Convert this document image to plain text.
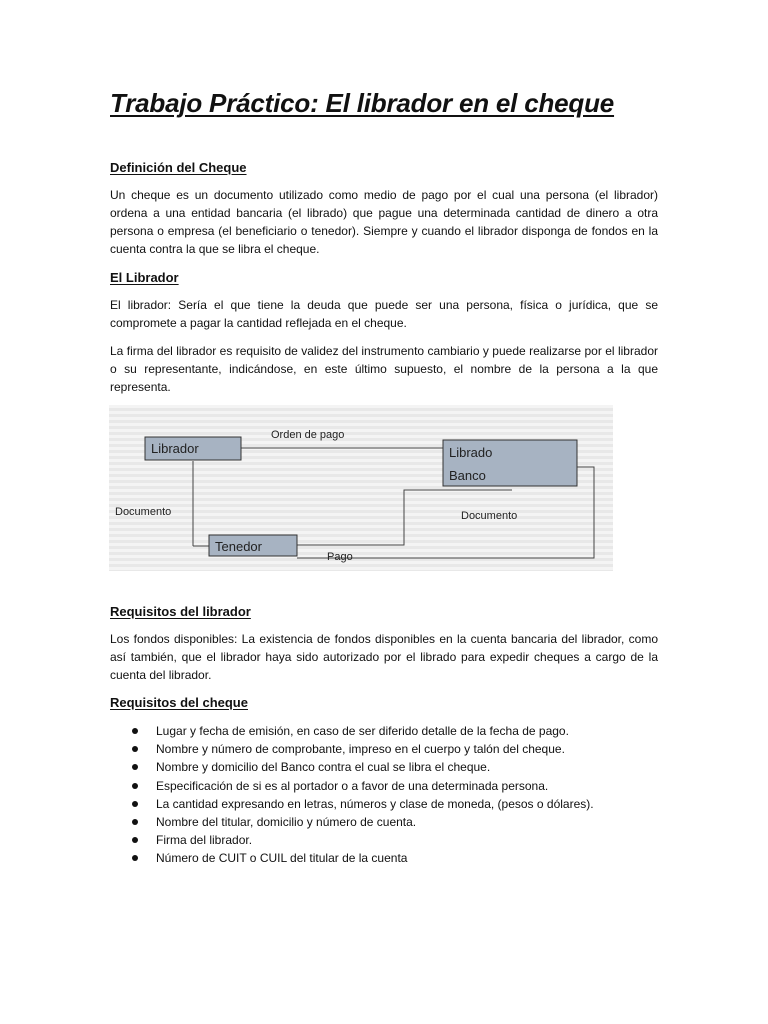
Trabajo Práctico: El librador en el cheque
Definición del Cheque

Un cheque es un documento utilizado como medio de pago por el cual una persona (el librador) ordena a una entidad bancaria (el librado) que pague una determinada cantidad de dinero a otra persona o empresa (el beneficiario o tenedor). Siempre y cuando el librador disponga de fondos en la cuenta contra la que se libra el cheque.

El Librador

El librador: Sería el que tiene la deuda que puede ser una persona, física o jurídica, que se compromete a pagar la cantidad reflejada en el cheque.

La firma del librador es requisito de validez del instrumento cambiario y puede realizarse por el librador o su representante, indicándose, en este último supuesto, el nombre de la persona a la que representa.

Librador	Librado
Banco
Tenedor
Orden de pago
Documento	Documento
Pago
Requisitos del librador

Los fondos disponibles: La existencia de fondos disponibles en la cuenta bancaria del librador, como así también, que el librador haya sido autorizado por el librado para expedir cheques a cargo de la cuenta del librador.

Requisitos del cheque
Lugar y fecha de emisión, en caso de ser diferido detalle de la fecha de pago.
Nombre y número de comprobante, impreso en el cuerpo y talón del cheque.
Nombre y domicilio del Banco contra el cual se libra el cheque.
Especificación de si es al portador o a favor de una determinada persona.
La cantidad expresando en letras, números y clase de moneda, (pesos o dólares).
Nombre del titular, domicilio y número de cuenta.
Firma del librador.
Número de CUIT o CUIL del titular de la cuenta
